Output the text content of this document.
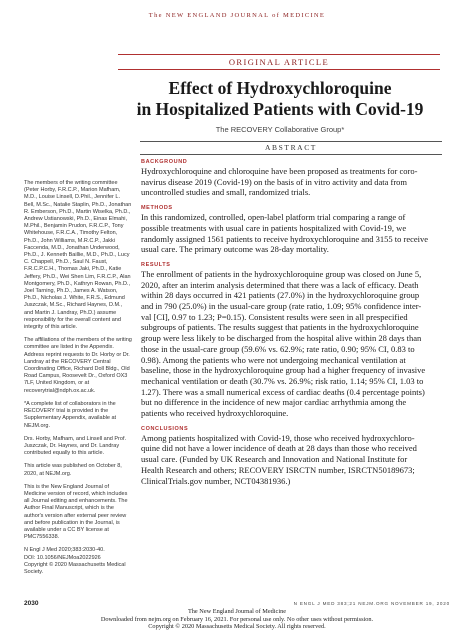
The NEW ENGLAND JOURNAL of MEDICINE
ORIGINAL ARTICLE
Effect of Hydroxychloroquine
in Hospitalized Patients with Covid-19
The RECOVERY Collaborative Group*
ABSTRACT

The members of the writing committee (Peter Horby, F.R.C.P., Marion Mafham, M.D., Louise Linsell, D.Phil., Jennifer L. Bell, M.Sc., Natalie Staplin, Ph.D., Jonathan R. Emberson, Ph.D., Martin Wiselka, Ph.D., Andrew Ustianowski, Ph.D., Einas Elmahi, M.Phil., Benjamin Prudon, F.R.C.P., Tony Whitehouse, F.R.C.A., Timothy Felton, Ph.D., John Williams, M.R.C.P., Jakki Faccenda, M.D., Jonathan Underwood, Ph.D., J. Kenneth Baillie, M.D., Ph.D., Lucy C. Chappell, Ph.D., Saul N. Faust, F.R.C.P.C.H., Thomas Jaki, Ph.D., Katie Jeffery, Ph.D., Wei Shen Lim, F.R.C.P., Alan Montgomery, Ph.D., Kathryn Rowan, Ph.D., Joel Tarning, Ph.D., James A. Watson, Ph.D., Nicholas J. White, F.R.S., Edmund Juszczak, M.Sc., Richard Haynes, D.M., and Martin J. Landray, Ph.D.) assume responsibility for the overall content and integrity of this article.

The affiliations of the members of the writing committee are listed in the Appendix. Address reprint requests to Dr. Horby or Dr. Landray at the RECOVERY Central Coordinating Office, Richard Doll Bldg., Old Road Campus, Roosevelt Dr., Oxford OX3 7LF, United Kingdom, or at recoverytrial@ndph.ox.ac.uk.

*A complete list of collaborators in the RECOVERY trial is provided in the Supplementary Appendix, available at NEJM.org.

Drs. Horby, Mafham, and Linsell and Prof. Juszczak, Dr. Haynes, and Dr. Landray contributed equally to this article.

This article was published on October 8, 2020, at NEJM.org.

This is the New England Journal of Medicine version of record, which includes all Journal editing and enhancements. The Author Final Manuscript, which is the author's version after external peer review and before publication in the Journal, is available under a CC BY license at PMC7556338.

N Engl J Med 2020;383:2030-40.
DOI: 10.1056/NEJMoa2022926
Copyright © 2020 Massachusetts Medical Society.

BACKGROUND
Hydroxychloroquine and chloroquine have been proposed as treatments for coro-
navirus disease 2019 (Covid-19) on the basis of in vitro activity and data from
uncontrolled studies and small, randomized trials.
METHODS
In this randomized, controlled, open-label platform trial comparing a range of
possible treatments with usual care in patients hospitalized with Covid-19, we
randomly assigned 1561 patients to receive hydroxychloroquine and 3155 to receive
usual care. The primary outcome was 28-day mortality.
RESULTS
The enrollment of patients in the hydroxychloroquine group was closed on June 5,
2020, after an interim analysis determined that there was a lack of efficacy. Death
within 28 days occurred in 421 patients (27.0%) in the hydroxychloroquine group
and in 790 (25.0%) in the usual-care group (rate ratio, 1.09; 95% confidence inter-
val [CI], 0.97 to 1.23; P=0.15). Consistent results were seen in all prespecified
subgroups of patients. The results suggest that patients in the hydroxychloroquine
group were less likely to be discharged from the hospital alive within 28 days than
those in the usual-care group (59.6% vs. 62.9%; rate ratio, 0.90; 95% CI, 0.83 to
0.98). Among the patients who were not undergoing mechanical ventilation at
baseline, those in the hydroxychloroquine group had a higher frequency of invasive
mechanical ventilation or death (30.7% vs. 26.9%; risk ratio, 1.14; 95% CI, 1.03 to
1.27). There was a small numerical excess of cardiac deaths (0.4 percentage points)
but no difference in the incidence of new major cardiac arrhythmia among the
patients who received hydroxychloroquine.
CONCLUSIONS
Among patients hospitalized with Covid-19, those who received hydroxychloro-
quine did not have a lower incidence of death at 28 days than those who received
usual care. (Funded by UK Research and Innovation and National Institute for
Health Research and others; RECOVERY ISRCTN number, ISRCTN50189673;
ClinicalTrials.gov number, NCT04381936.)
2030	N ENGL J MED 383;21 NEJM.ORG NOVEMBER 19, 2020
The New England Journal of Medicine
Downloaded from nejm.org on February 16, 2021. For personal use only. No other uses without permission.
Copyright © 2020 Massachusetts Medical Society. All rights reserved.
